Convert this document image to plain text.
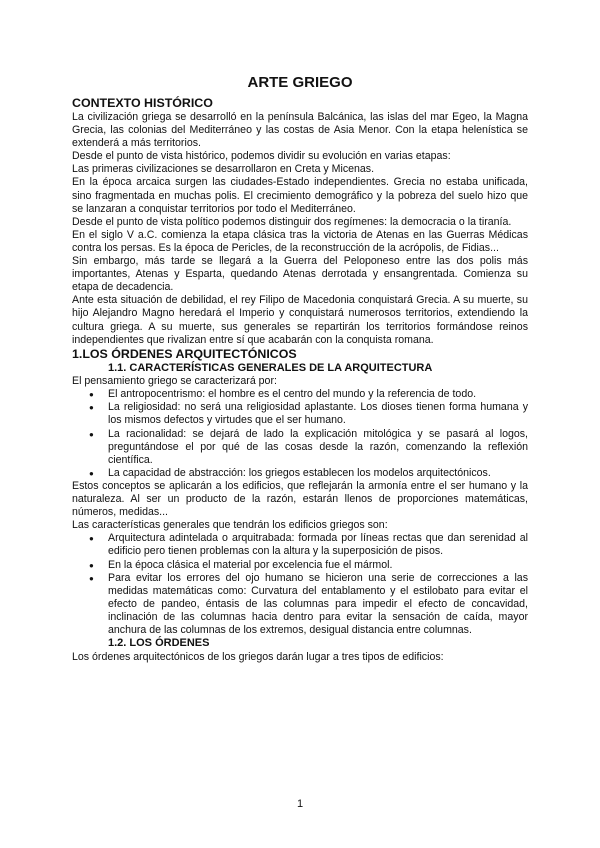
ARTE GRIEGO
CONTEXTO HISTÓRICO

La civilización griega se desarrolló en la península Balcánica, las islas del mar Egeo, la Magna Grecia, las colonias del Mediterráneo y las costas de Asia Menor. Con la etapa helenística se extenderá a más territorios.

Desde el punto de vista histórico, podemos dividir su evolución en varias etapas:

Las primeras civilizaciones se desarrollaron en Creta y Micenas.

En la época arcaica surgen las ciudades-Estado independientes. Grecia no estaba unificada, sino fragmentada en muchas polis. El crecimiento demográfico y la pobreza del suelo hizo que se lanzaran a conquistar territorios por todo el Mediterráneo.

Desde el punto de vista político podemos distinguir dos regímenes: la democracia o la tiranía.

En el siglo V a.C. comienza la etapa clásica tras la victoria de Atenas en las Guerras Médicas contra los persas. Es la época de Pericles, de la reconstrucción de la acrópolis, de Fidias...

Sin embargo, más tarde se llegará a la Guerra del Peloponeso entre las dos polis más importantes, Atenas y Esparta, quedando Atenas derrotada y ensangrentada. Comienza su etapa de decadencia.

Ante esta situación de debilidad, el rey Filipo de Macedonia conquistará Grecia. A su muerte, su hijo Alejandro Magno heredará el Imperio y conquistará numerosos territorios, extendiendo la cultura griega. A su muerte, sus generales se repartirán los territorios formándose reinos independientes que rivalizan entre sí que acabarán con la conquista romana.

1.LOS ÓRDENES ARQUITECTÓNICOS
1.1. CARACTERÍSTICAS GENERALES DE LA ARQUITECTURA

El pensamiento griego se caracterizará por:

● El antropocentrismo: el hombre es el centro del mundo y la referencia de todo.
● La religiosidad: no será una religiosidad aplastante. Los dioses tienen forma humana y los mismos defectos y virtudes que el ser humano.
● La racionalidad: se dejará de lado la explicación mitológica y se pasará al logos, preguntándose el por qué de las cosas desde la razón, comenzando la reflexión científica.
● La capacidad de abstracción: los griegos establecen los modelos arquitectónicos.

Estos conceptos se aplicarán a los edificios, que reflejarán la armonía entre el ser humano y la naturaleza. Al ser un producto de la razón, estarán llenos de proporciones matemáticas, números, medidas...

Las características generales que tendrán los edificios griegos son:

● Arquitectura adintelada o arquitrabada: formada por líneas rectas que dan serenidad al edificio pero tienen problemas con la altura y la superposición de pisos.
● En la época clásica el material por excelencia fue el mármol.
● Para evitar los errores del ojo humano se hicieron una serie de correcciones a las medidas matemáticas como: Curvatura del entablamento y el estilobato para evitar el efecto de pandeo, éntasis de las columnas para impedir el efecto de concavidad, inclinación de las columnas hacia dentro para evitar la sensación de caída, mayor anchura de las columnas de los extremos, desigual distancia entre columnas.
1.2. LOS ÓRDENES

Los órdenes arquitectónicos de los griegos darán lugar a tres tipos de edificios:

1
